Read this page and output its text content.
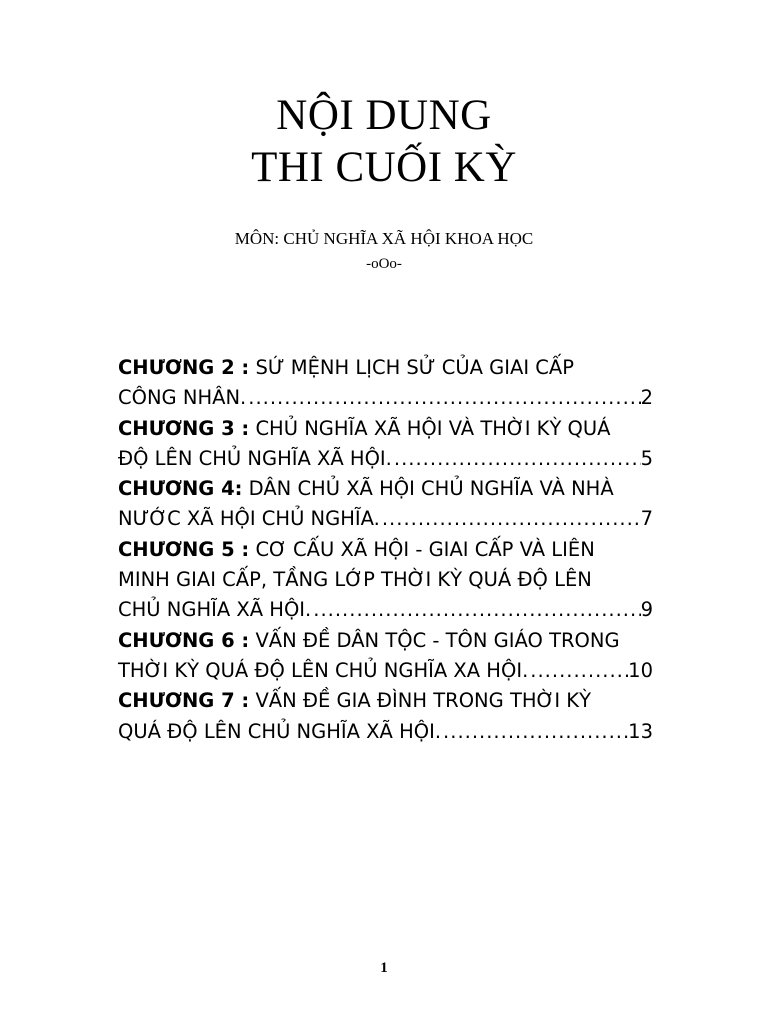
NỘI DUNG
THI CUỐI KỲ
MÔN: CHỦ NGHĨA XÃ HỘI KHOA HỌC
-oOo-
CHƯƠNG 2 : SỨ MỆNH LỊCH SỬ CỦA GIAI CẤP
CÔNG NHÂN. .....	2
CHƯƠNG 3 : CHỦ NGHĨA XÃ HỘI VÀ THỜI KỲ QUÁ
ĐỘ LÊN CHỦ NGHĨA XÃ HỘI. .....	5
CHƯƠNG 4: DÂN CHỦ XÃ HỘI CHỦ NGHĨA VÀ NHÀ
NƯỚC XÃ HỘI CHỦ NGHĨA. .....	7
CHƯƠNG 5 : CƠ CẤU XÃ HỘI - GIAI CẤP VÀ LIÊN
MINH GIAI CẤP, TẦNG LỚP THỜI KỲ QUÁ ĐỘ LÊN
CHỦ NGHĨA XÃ HỘI. .....	9
CHƯƠNG 6 : VẤN ĐỀ DÂN TỘC - TÔN GIÁO TRONG
THỜI KỲ QUÁ ĐỘ LÊN CHỦ NGHĨA XA HỘI. .....	10
CHƯƠNG 7 : VẤN ĐỀ GIA ĐÌNH TRONG THỜI KỲ
QUÁ ĐỘ LÊN CHỦ NGHĨA XÃ HỘI. .....	13
1
